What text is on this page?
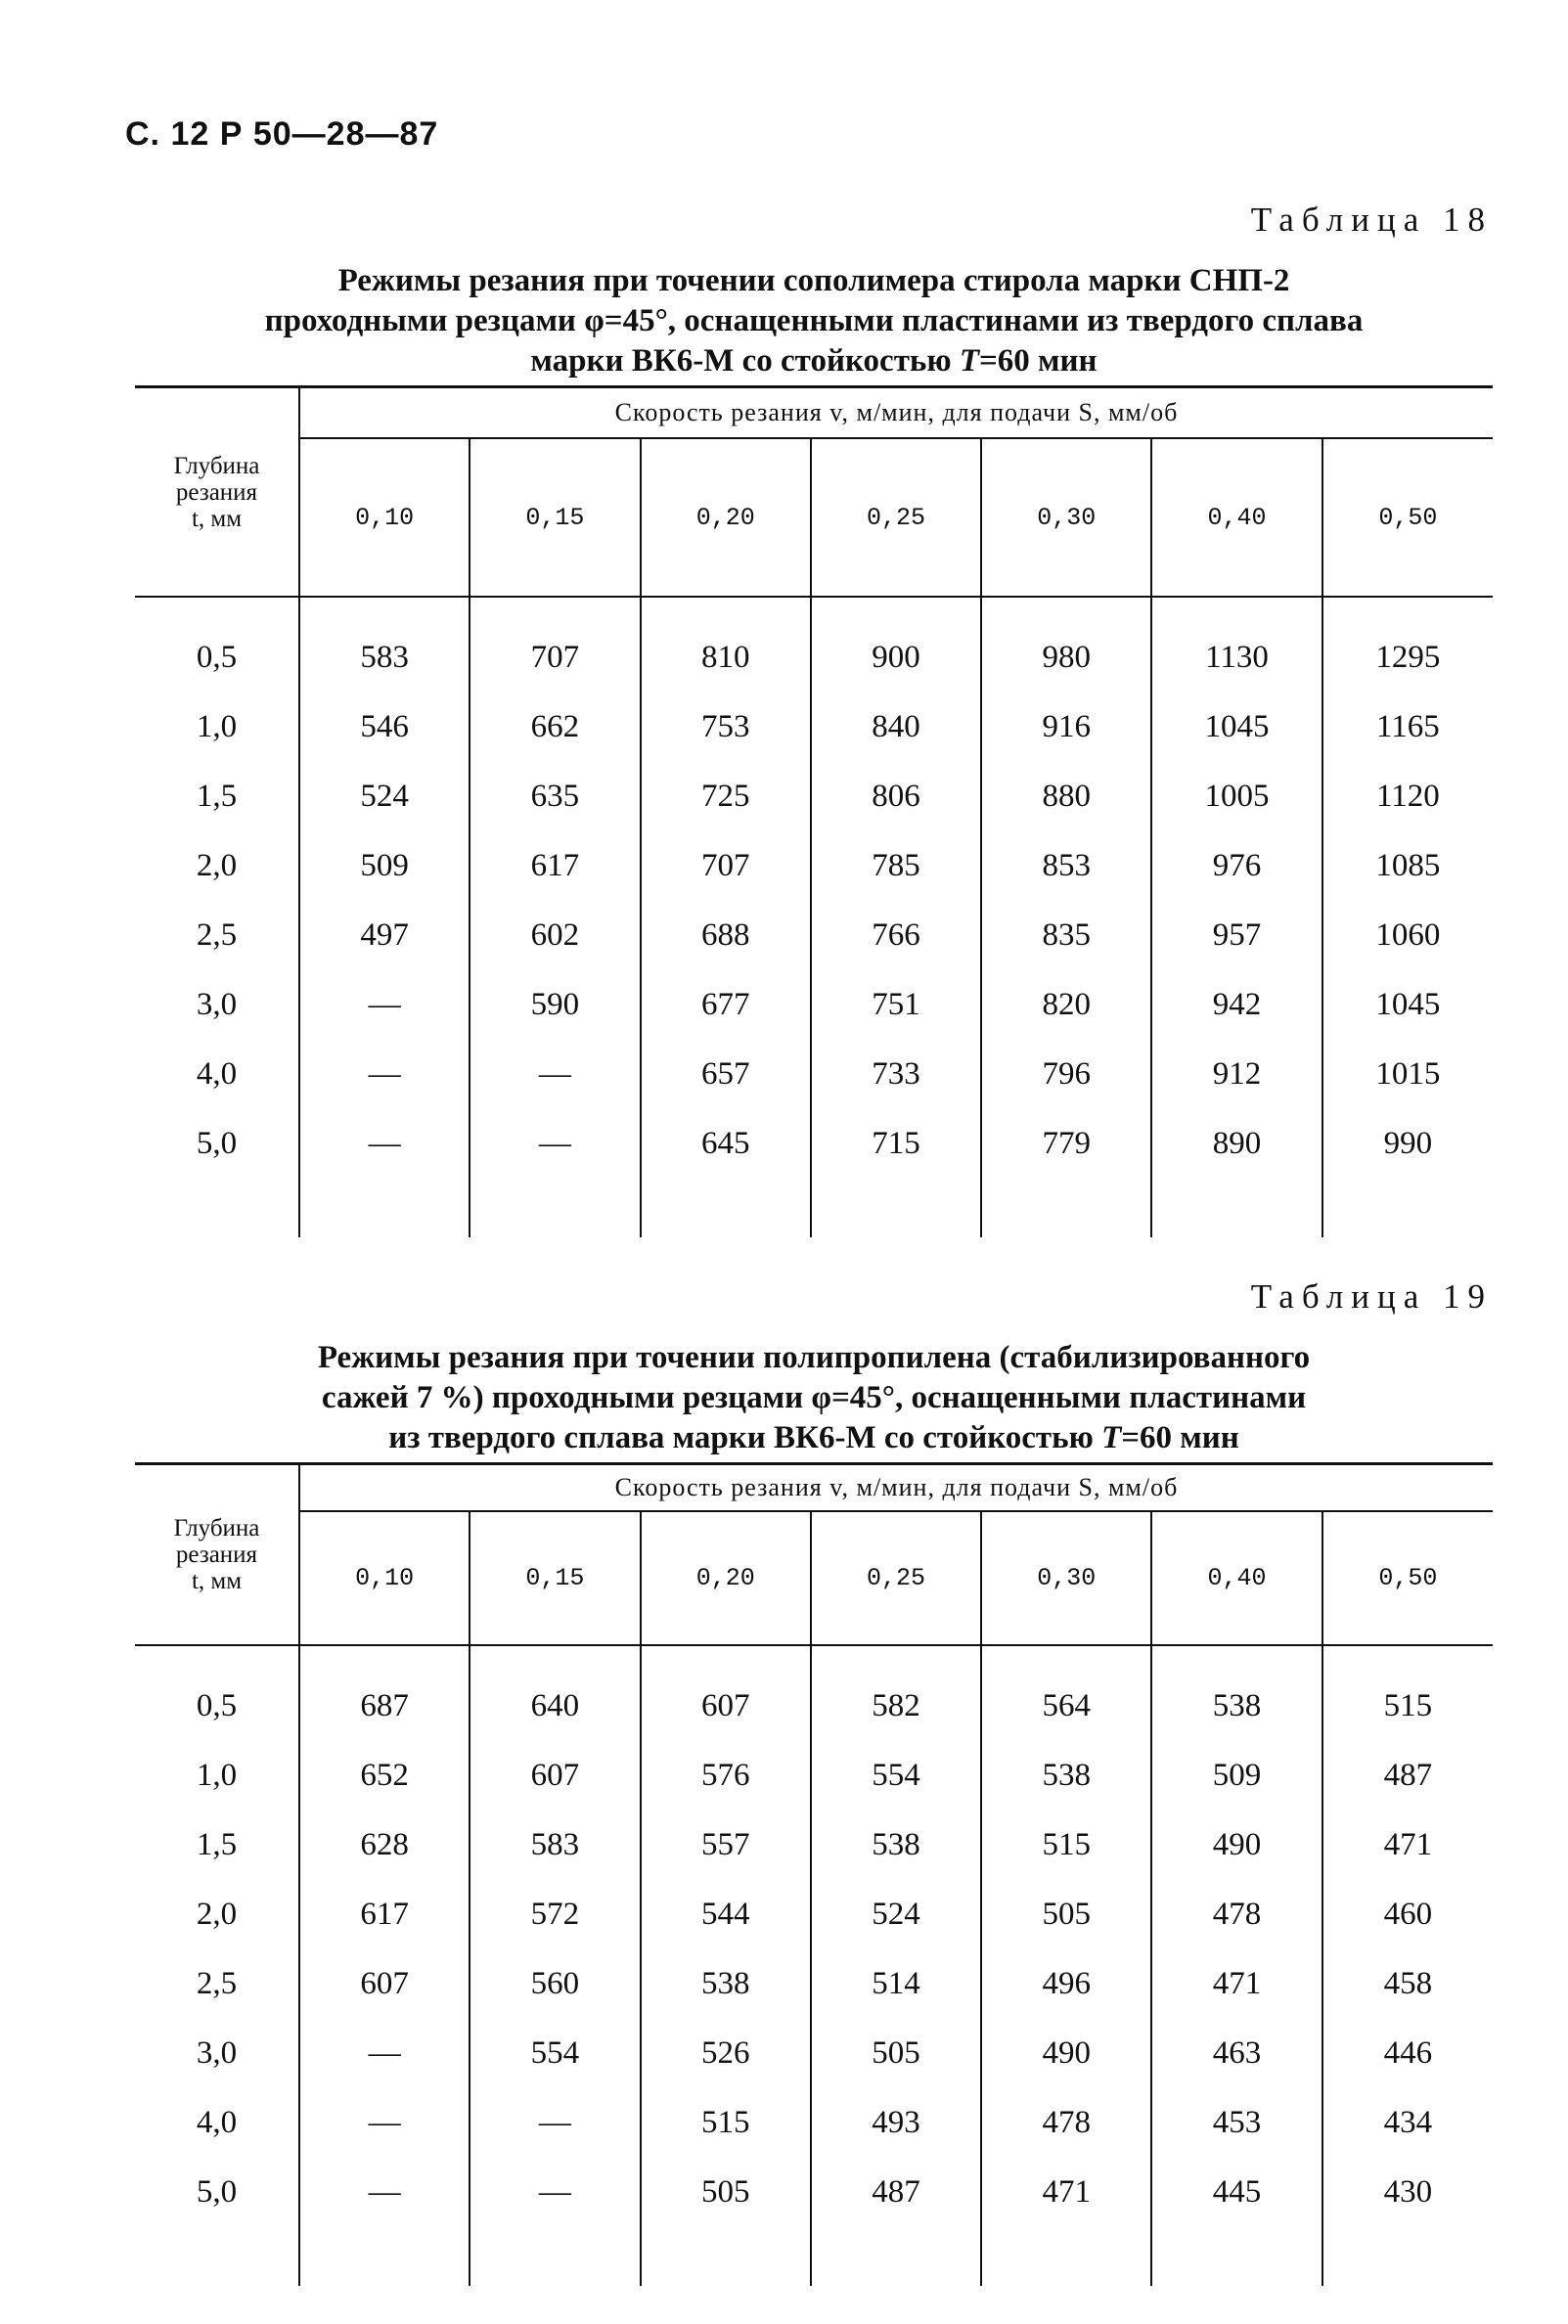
С. 12 Р 50—28—87
Таблица 18
Режимы резания при точении сополимера стирола марки СНП-2
проходными резцами φ=45°, оснащенными пластинами из твердого сплава
марки ВК6-М со стойкостью T=60 мин
Глубина
резания
t, мм	Скорость резания v, м/мин, для подачи S, мм/об						
	0,10	0,15	0,20	0,25	0,30	0,40	0,50
0,5	583	707	810	900	980	1130	1295
1,0	546	662	753	840	916	1045	1165
1,5	524	635	725	806	880	1005	1120
2,0	509	617	707	785	853	976	1085
2,5	497	602	688	766	835	957	1060
3,0	—	590	677	751	820	942	1045
4,0	—	—	657	733	796	912	1015
5,0	—	—	645	715	779	890	990

Таблица 19
Режимы резания при точении полипропилена (стабилизированного
сажей 7 %) проходными резцами φ=45°, оснащенными пластинами
из твердого сплава марки ВК6-М со стойкостью T=60 мин
Глубина
резания
t, мм	Скорость резания v, м/мин, для подачи S, мм/об						
	0,10	0,15	0,20	0,25	0,30	0,40	0,50
0,5	687	640	607	582	564	538	515
1,0	652	607	576	554	538	509	487
1,5	628	583	557	538	515	490	471
2,0	617	572	544	524	505	478	460
2,5	607	560	538	514	496	471	458
3,0	—	554	526	505	490	463	446
4,0	—	—	515	493	478	453	434
5,0	—	—	505	487	471	445	430
